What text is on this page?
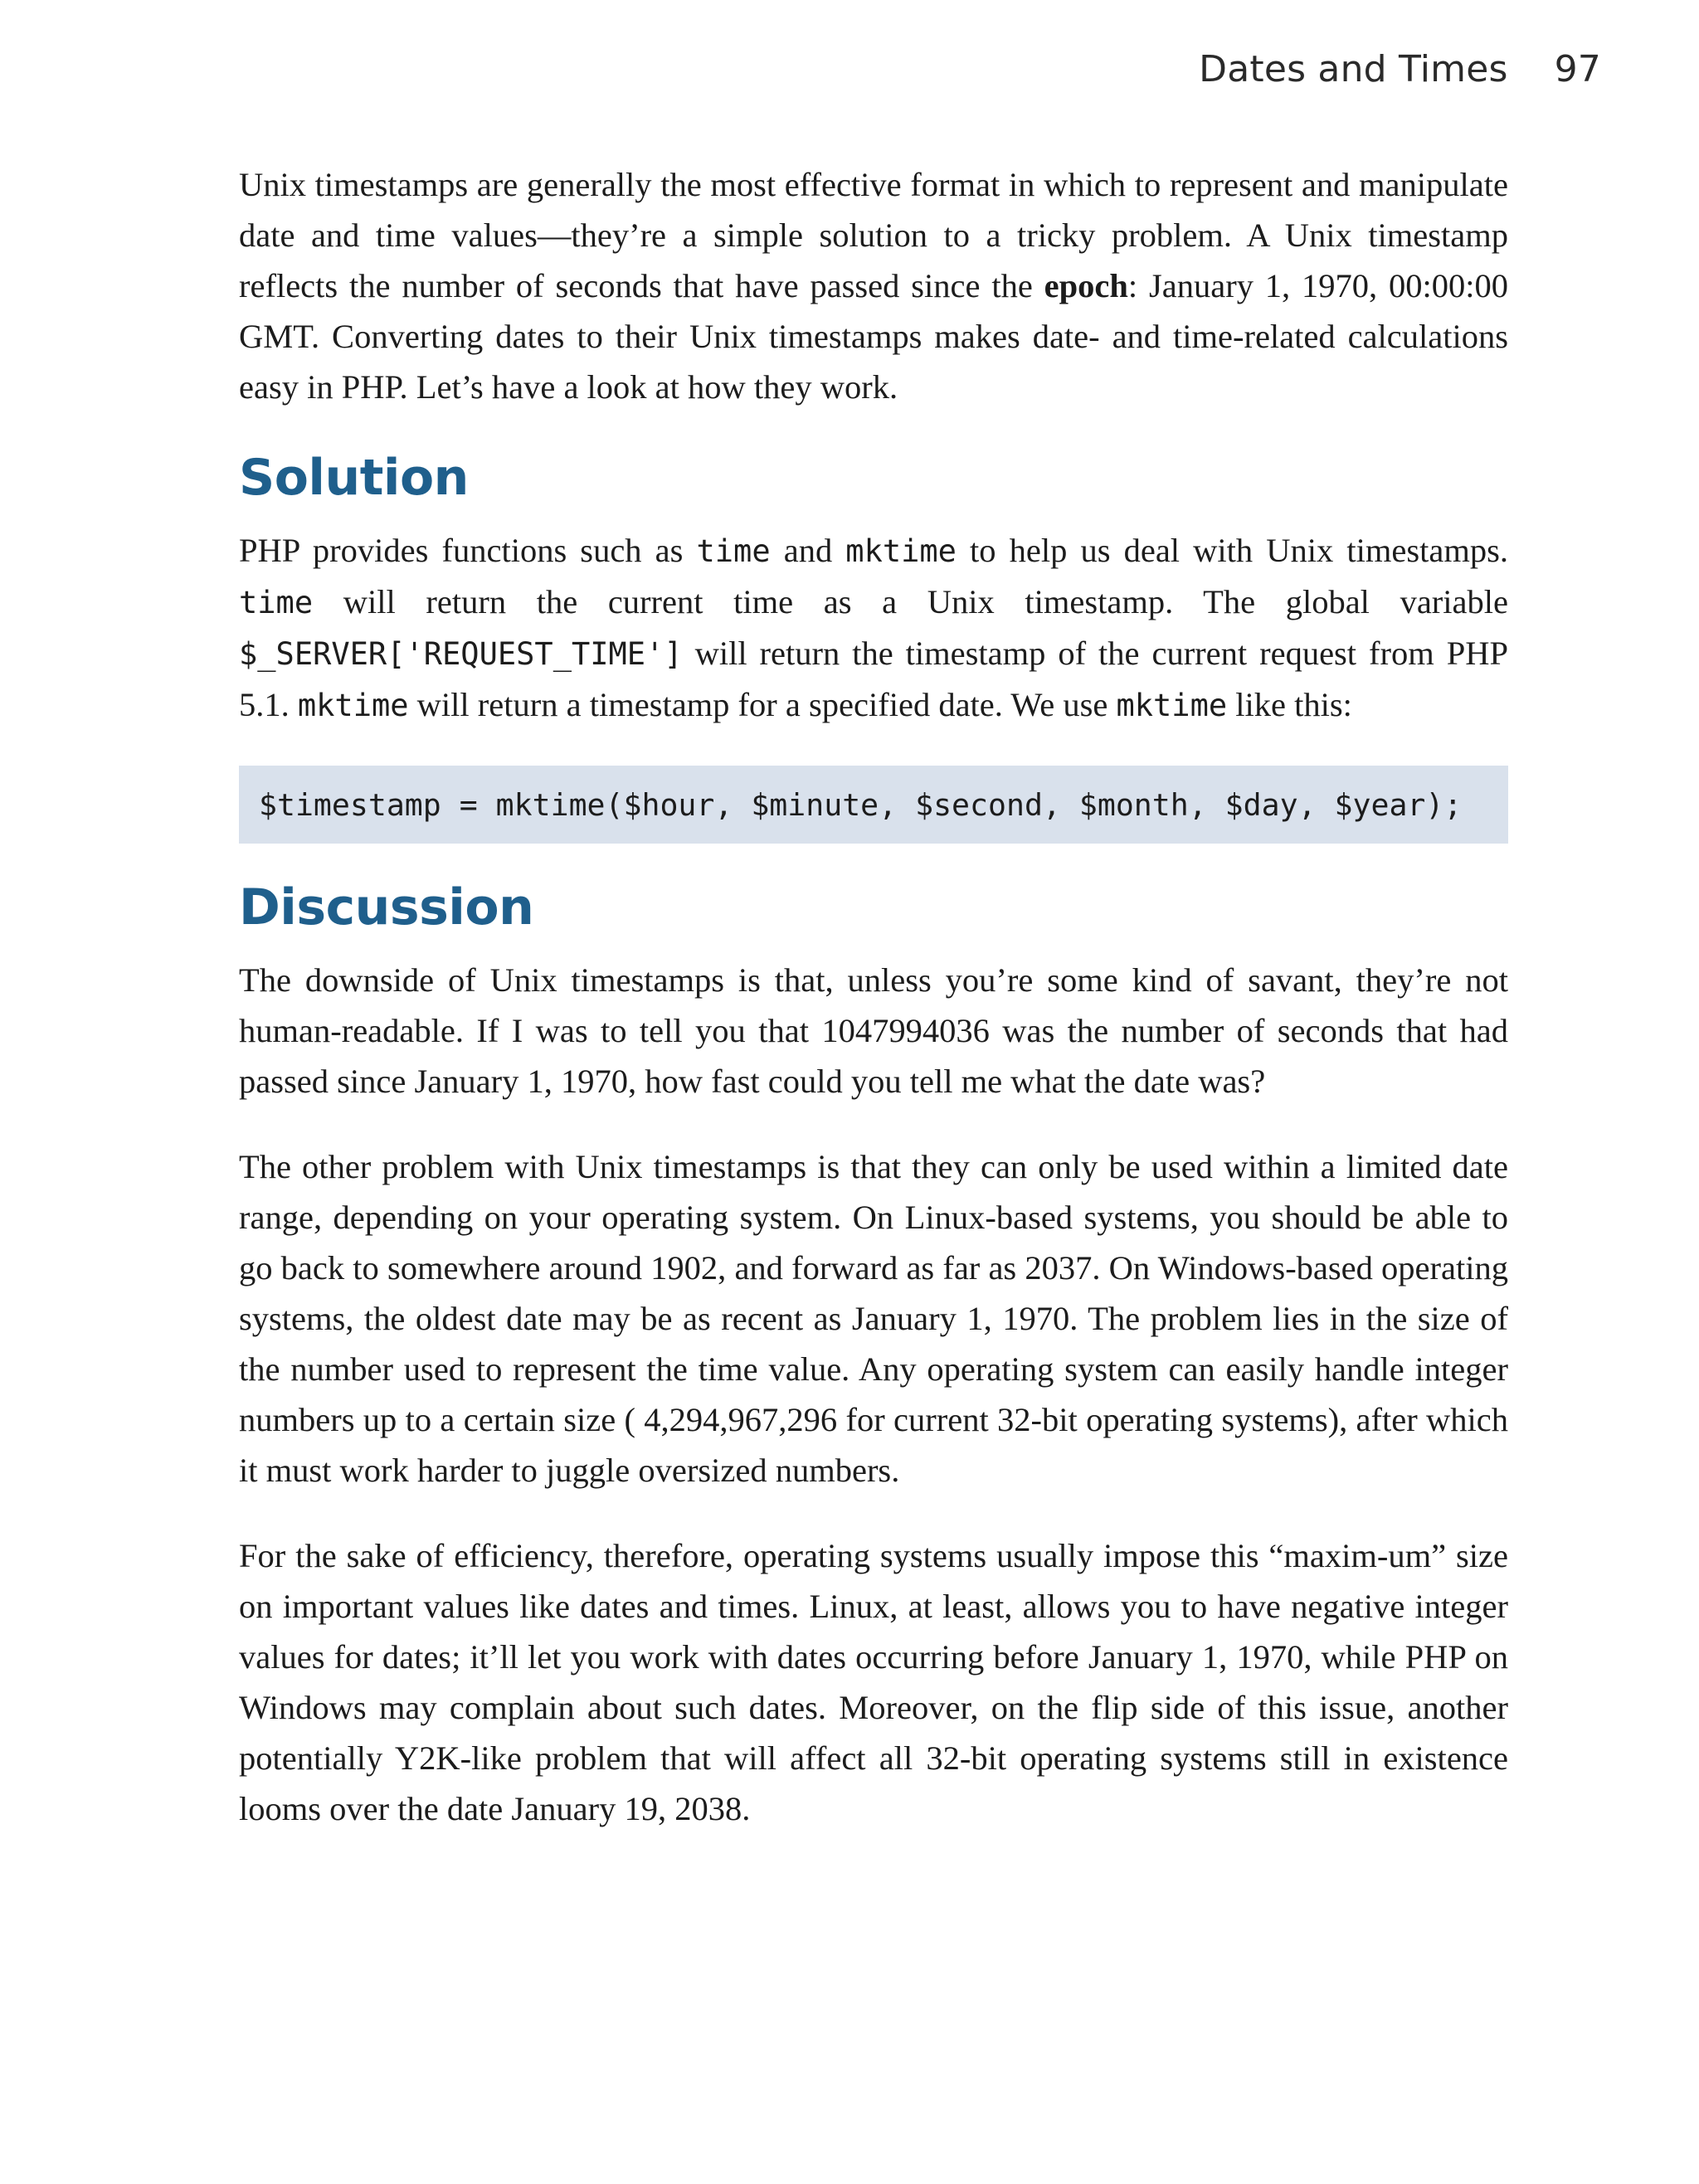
Dates and Times 97

Unix timestamps are generally the most effective format in which to represent and manipulate date and time values—they’re a simple solution to a tricky problem. A Unix timestamp reflects the number of seconds that have passed since the epoch: January 1, 1970, 00:00:00 GMT. Converting dates to their Unix timestamps makes date- and time-related calculations easy in PHP. Let’s have a look at how they work.

Solution

PHP provides functions such as time and mktime to help us deal with Unix timestamps. time will return the current time as a Unix timestamp. The global variable $_SERVER['REQUEST_TIME'] will return the timestamp of the current request from PHP 5.1. mktime will return a timestamp for a specified date. We use mktime like this:

$timestamp = mktime($hour, $minute, $second, $month, $day, $year);
Discussion

The downside of Unix timestamps is that, unless you’re some kind of savant, they’re not human-readable. If I was to tell you that 1047994036 was the number of seconds that had passed since January 1, 1970, how fast could you tell me what the date was?

The other problem with Unix timestamps is that they can only be used within a limited date range, depending on your operating system. On Linux-based systems, you should be able to go back to somewhere around 1902, and forward as far as 2037. On Windows-based operating systems, the oldest date may be as recent as January 1, 1970. The problem lies in the size of the number used to represent the time value. Any operating system can easily handle integer numbers up to a certain size ( 4,294,967,296 for current 32-bit operating systems), after which it must work harder to juggle oversized numbers.

For the sake of efficiency, therefore, operating systems usually impose this “maxim-um” size on important values like dates and times. Linux, at least, allows you to have negative integer values for dates; it’ll let you work with dates occurring before January 1, 1970, while PHP on Windows may complain about such dates. Moreover, on the flip side of this issue, another potentially Y2K-like problem that will affect all 32-bit operating systems still in existence looms over the date January 19, 2038.
